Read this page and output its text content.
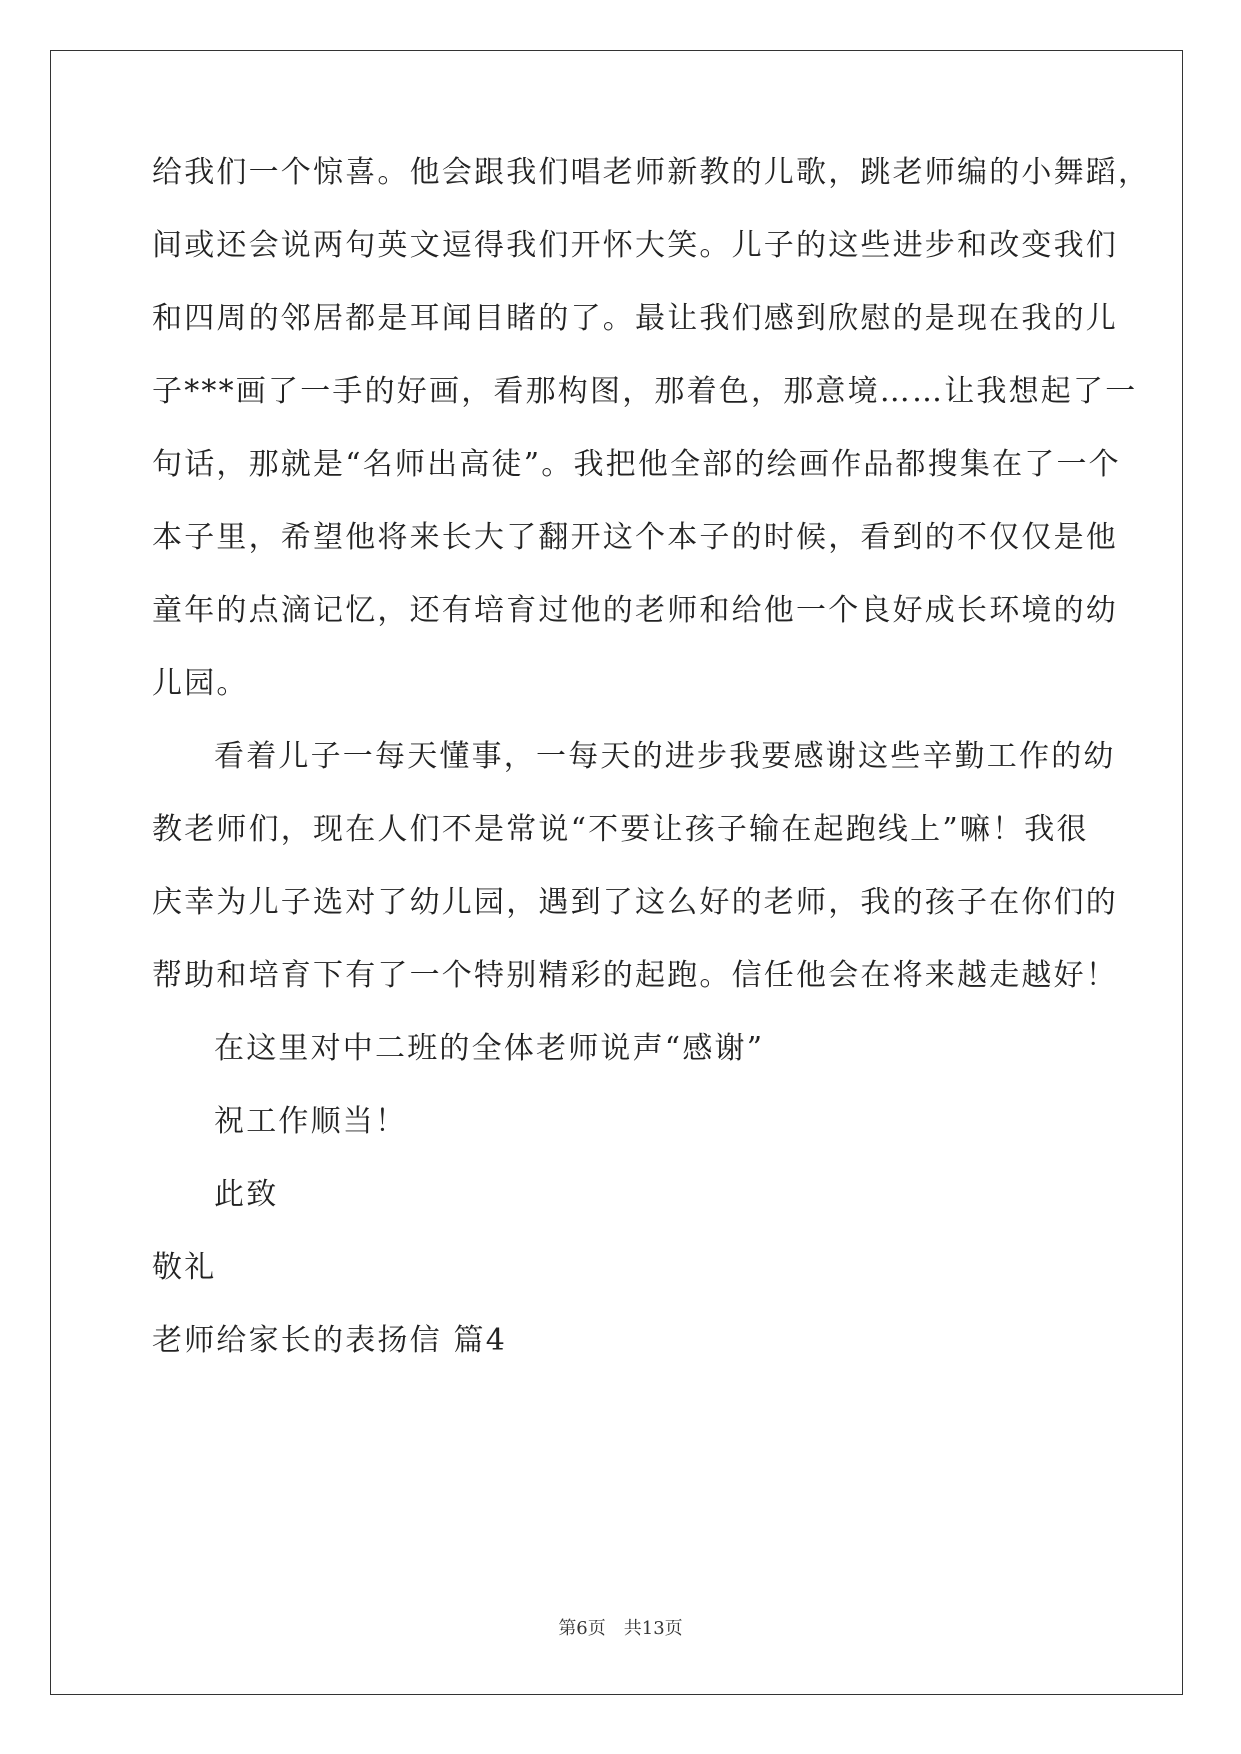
给我们一个惊喜。他会跟我们唱老师新教的儿歌，跳老师编的小舞蹈，
间或还会说两句英文逗得我们开怀大笑。儿子的这些进步和改变我们
和四周的邻居都是耳闻目睹的了。最让我们感到欣慰的是现在我的儿
子***画了一手的好画，看那构图，那着色，那意境……让我想起了一
句话，那就是“名师出高徒”。我把他全部的绘画作品都搜集在了一个
本子里，希望他将来长大了翻开这个本子的时候，看到的不仅仅是他
童年的点滴记忆，还有培育过他的老师和给他一个良好成长环境的幼
儿园。
看着儿子一每天懂事，一每天的进步我要感谢这些辛勤工作的幼
教老师们，现在人们不是常说“不要让孩子输在起跑线上”嘛！我很
庆幸为儿子选对了幼儿园，遇到了这么好的老师，我的孩子在你们的
帮助和培育下有了一个特别精彩的起跑。信任他会在将来越走越好！
在这里对中二班的全体老师说声“感谢”
祝工作顺当！
此致
敬礼
老师给家长的表扬信 篇4
第6页 共13页
